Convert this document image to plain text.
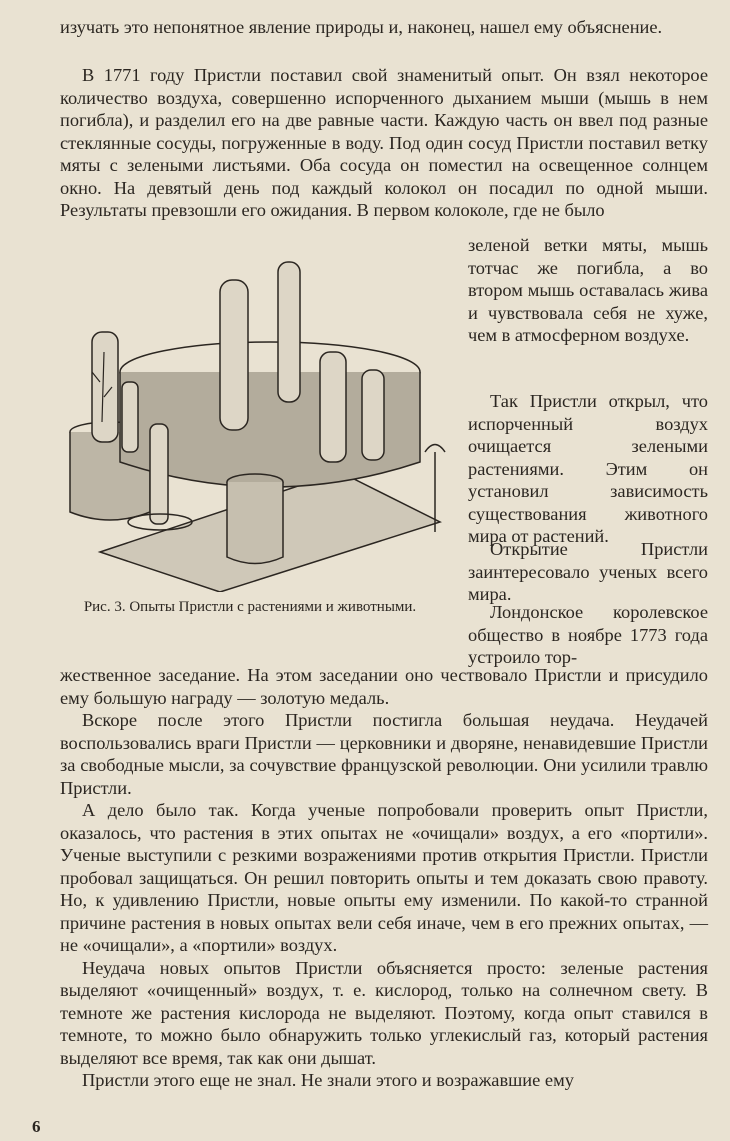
изучать это непонятное явление природы и, наконец, нашел ему объяснение.

В 1771 году Пристли поставил свой знаменитый опыт. Он взял некоторое количество воздуха, совершенно испорченного дыханием мыши (мышь в нем погибла), и разделил его на две равные части. Каждую часть он ввел под разные стеклянные сосуды, погруженные в воду. Под один сосуд Пристли поставил ветку мяты с зелеными листьями. Оба сосуда он поместил на освещенное солнцем окно. На девятый день под каждый колокол он посадил по одной мыши. Результаты превзошли его ожидания. В первом колоколе, где не было

зеленой ветки мяты, мышь тотчас же погибла, а во втором мышь оставалась жива и чувствовала себя не хуже, чем в атмосферном воздухе.
Так Пристли открыл, что испорченный воздух очищается зелеными растениями. Этим он установил зависимость существования животного мира от растений.
Открытие Пристли заинтересовало ученых всего мира.
Лондонское королевское общество в ноябре 1773 года устроило тор-
Рис. 3. Опыты Пристли с растениями и животными.

жественное заседание. На этом заседании оно чествовало Пристли и присудило ему большую награду — золотую медаль.

Вскоре после этого Пристли постигла большая неудача. Неудачей воспользовались враги Пристли — церковники и дворяне, ненавидевшие Пристли за свободные мысли, за сочувствие французской революции. Они усилили травлю Пристли.

А дело было так. Когда ученые попробовали проверить опыт Пристли, оказалось, что растения в этих опытах не «очищали» воздух, а его «портили». Ученые выступили с резкими возражениями против открытия Пристли. Пристли пробовал защищаться. Он решил повторить опыты и тем доказать свою правоту. Но, к удивлению Пристли, новые опыты ему изменили. По какой-то странной причине растения в новых опытах вели себя иначе, чем в его прежних опытах, — не «очищали», а «портили» воздух.

Неудача новых опытов Пристли объясняется просто: зеленые растения выделяют «очищенный» воздух, т. е. кислород, только на солнечном свету. В темноте же растения кислорода не выделяют. Поэтому, когда опыт ставился в темноте, то можно было обнаружить только углекислый газ, который растения выделяют все время, так как они дышат.

Пристли этого еще не знал. Не знали этого и возражавшие ему

6
